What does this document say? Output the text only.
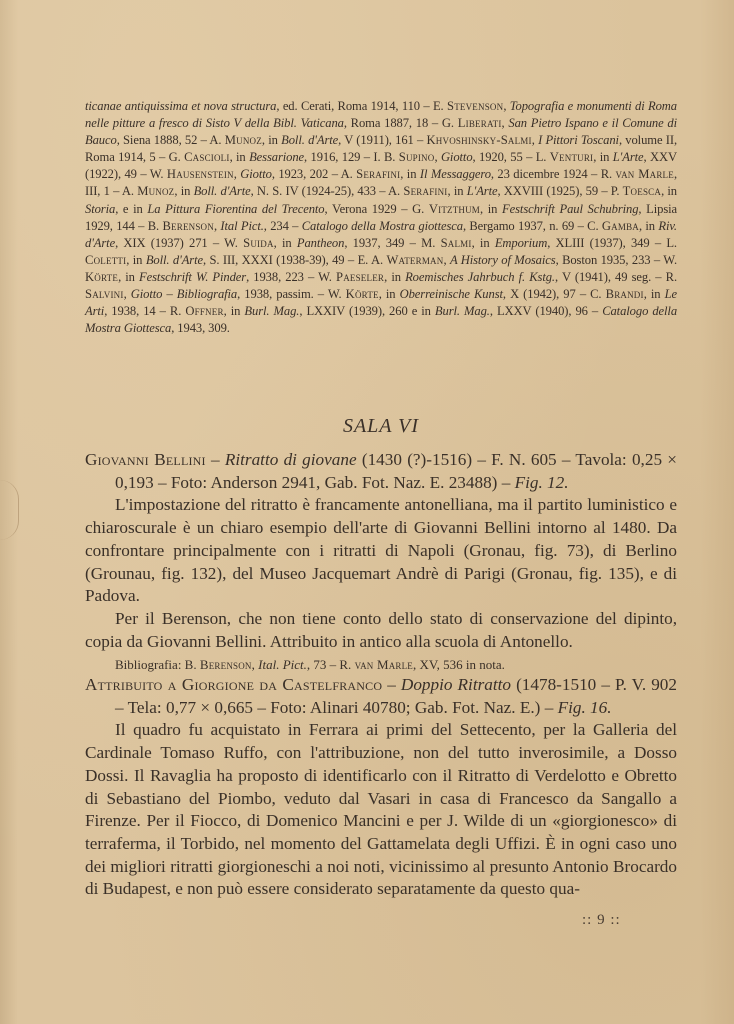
ticanae antiquissima et nova structura, ed. Cerati, Roma 1914, 110 – E. Stevenson, Topografia e monumenti di Roma nelle pitture a fresco di Sisto V della Bibl. Vaticana, Roma 1887, 18 – G. Liberati, San Pietro Ispano e il Comune di Bauco, Siena 1888, 52 – A. Munoz, in Boll. d'Arte, V (1911), 161 – Khvoshinsky-Salmi, I Pittori Toscani, volume II, Roma 1914, 5 – G. Cascioli, in Bessarione, 1916, 129 – I. B. Supino, Giotto, 1920, 55 – L. Venturi, in L'Arte, XXV (1922), 49 – W. Hausenstein, Giotto, 1923, 202 – A. Serafini, in Il Messaggero, 23 dicembre 1924 – R. van Marle, III, 1 – A. Munoz, in Boll. d'Arte, N. S. IV (1924-25), 433 – A. Serafini, in L'Arte, XXVIII (1925), 59 – P. Toesca, in Storia, e in La Pittura Fiorentina del Trecento, Verona 1929 – G. Vitzthum, in Festschrift Paul Schubring, Lipsia 1929, 144 – B. Berenson, Ital Pict., 234 – Catalogo della Mostra giottesca, Bergamo 1937, n. 69 – C. Gamba, in Riv. d'Arte, XIX (1937) 271 – W. Suida, in Pantheon, 1937, 349 – M. Salmi, in Emporium, XLIII (1937), 349 – L. Coletti, in Boll. d'Arte, S. III, XXXI (1938-39), 49 – E. A. Waterman, A History of Mosaics, Boston 1935, 233 – W. Körte, in Festschrift W. Pinder, 1938, 223 – W. Paeseler, in Roemisches Jahrbuch f. Kstg., V (1941), 49 seg. – R. Salvini, Giotto – Bibliografia, 1938, passim. – W. Körte, in Oberreinische Kunst, X (1942), 97 – C. Brandi, in Le Arti, 1938, 14 – R. Offner, in Burl. Mag., LXXIV (1939), 260 e in Burl. Mag., LXXV (1940), 96 – Catalogo della Mostra Giottesca, 1943, 309.
SALA VI
Giovanni Bellini – Ritratto di giovane (1430 (?)-1516) – F. N. 605 – Tavola: 0,25 × 0,193 – Foto: Anderson 2941, Gab. Fot. Naz. E. 23488) – Fig. 12.

L'impostazione del ritratto è francamente antonelliana, ma il partito luministico e chiaroscurale è un chiaro esempio dell'arte di Giovanni Bellini intorno al 1480. Da confrontare principalmente con i ritratti di Napoli (Gronau, fig. 73), di Berlino (Grounau, fig. 132), del Museo Jacquemart Andrè di Parigi (Gronau, fig. 135), e di Padova.

Per il Berenson, che non tiene conto dello stato di conservazione del dipinto, copia da Giovanni Bellini. Attribuito in antico alla scuola di Antonello.

Bibliografia: B. Berenson, Ital. Pict., 73 – R. van Marle, XV, 536 in nota.
Attribuito a Giorgione da Castelfranco – Doppio Ritratto (1478-1510 – P. V. 902 – Tela: 0,77 × 0,665 – Foto: Alinari 40780; Gab. Fot. Naz. E.) – Fig. 16.

Il quadro fu acquistato in Ferrara ai primi del Settecento, per la Galleria del Cardinale Tomaso Ruffo, con l'attribuzione, non del tutto inverosimile, a Dosso Dossi. Il Ravaglia ha proposto di identificarlo con il Ritratto di Verdelotto e Obretto di Sebastiano del Piombo, veduto dal Vasari in casa di Francesco da Sangallo a Firenze. Per il Fiocco, di Domenico Mancini e per J. Wilde di un «giorgionesco» di terraferma, il Torbido, nel momento del Gattamelata degli Uffizi. È in ogni caso uno dei migliori ritratti giorgioneschi a noi noti, vicinissimo al presunto Antonio Brocardo di Budapest, e non può essere considerato separatamente da questo qua-

:: 9 ::
